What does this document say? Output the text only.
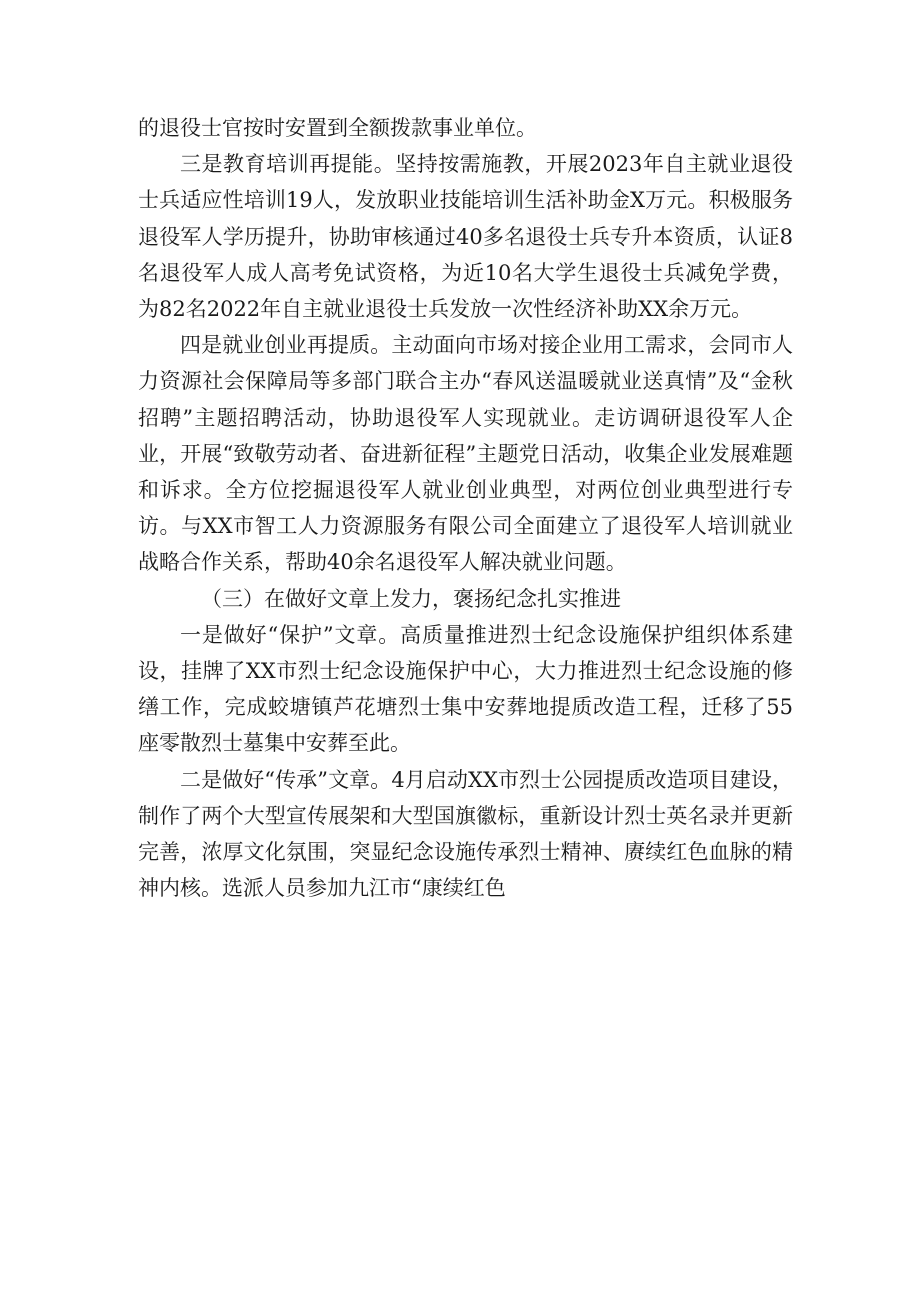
的退役士官按时安置到全额拨款事业单位。

三是教育培训再提能。坚持按需施教，开展2023年自主就业退役士兵适应性培训19人，发放职业技能培训生活补助金X万元。积极服务退役军人学历提升，协助审核通过40多名退役士兵专升本资质，认证8名退役军人成人高考免试资格，为近10名大学生退役士兵减免学费，为82名2022年自主就业退役士兵发放一次性经济补助XX余万元。

四是就业创业再提质。主动面向市场对接企业用工需求，会同市人力资源社会保障局等多部门联合主办“春风送温暖就业送真情”及“金秋招聘”主题招聘活动，协助退役军人实现就业。走访调研退役军人企业，开展“致敬劳动者、奋进新征程”主题党日活动，收集企业发展难题和诉求。全方位挖掘退役军人就业创业典型，对两位创业典型进行专访。与XX市智工人力资源服务有限公司全面建立了退役军人培训就业战略合作关系，帮助40余名退役军人解决就业问题。

（三）在做好文章上发力，褒扬纪念扎实推进

一是做好“保护”文章。高质量推进烈士纪念设施保护组织体系建设，挂牌了XX市烈士纪念设施保护中心，大力推进烈士纪念设施的修缮工作，完成蛟塘镇芦花塘烈士集中安葬地提质改造工程，迁移了55座零散烈士墓集中安葬至此。

二是做好“传承”文章。4月启动XX市烈士公园提质改造项目建设，制作了两个大型宣传展架和大型国旗徽标，重新设计烈士英名录并更新完善，浓厚文化氛围，突显纪念设施传承烈士精神、赓续红色血脉的精神内核。选派人员参加九江市“康续红色
